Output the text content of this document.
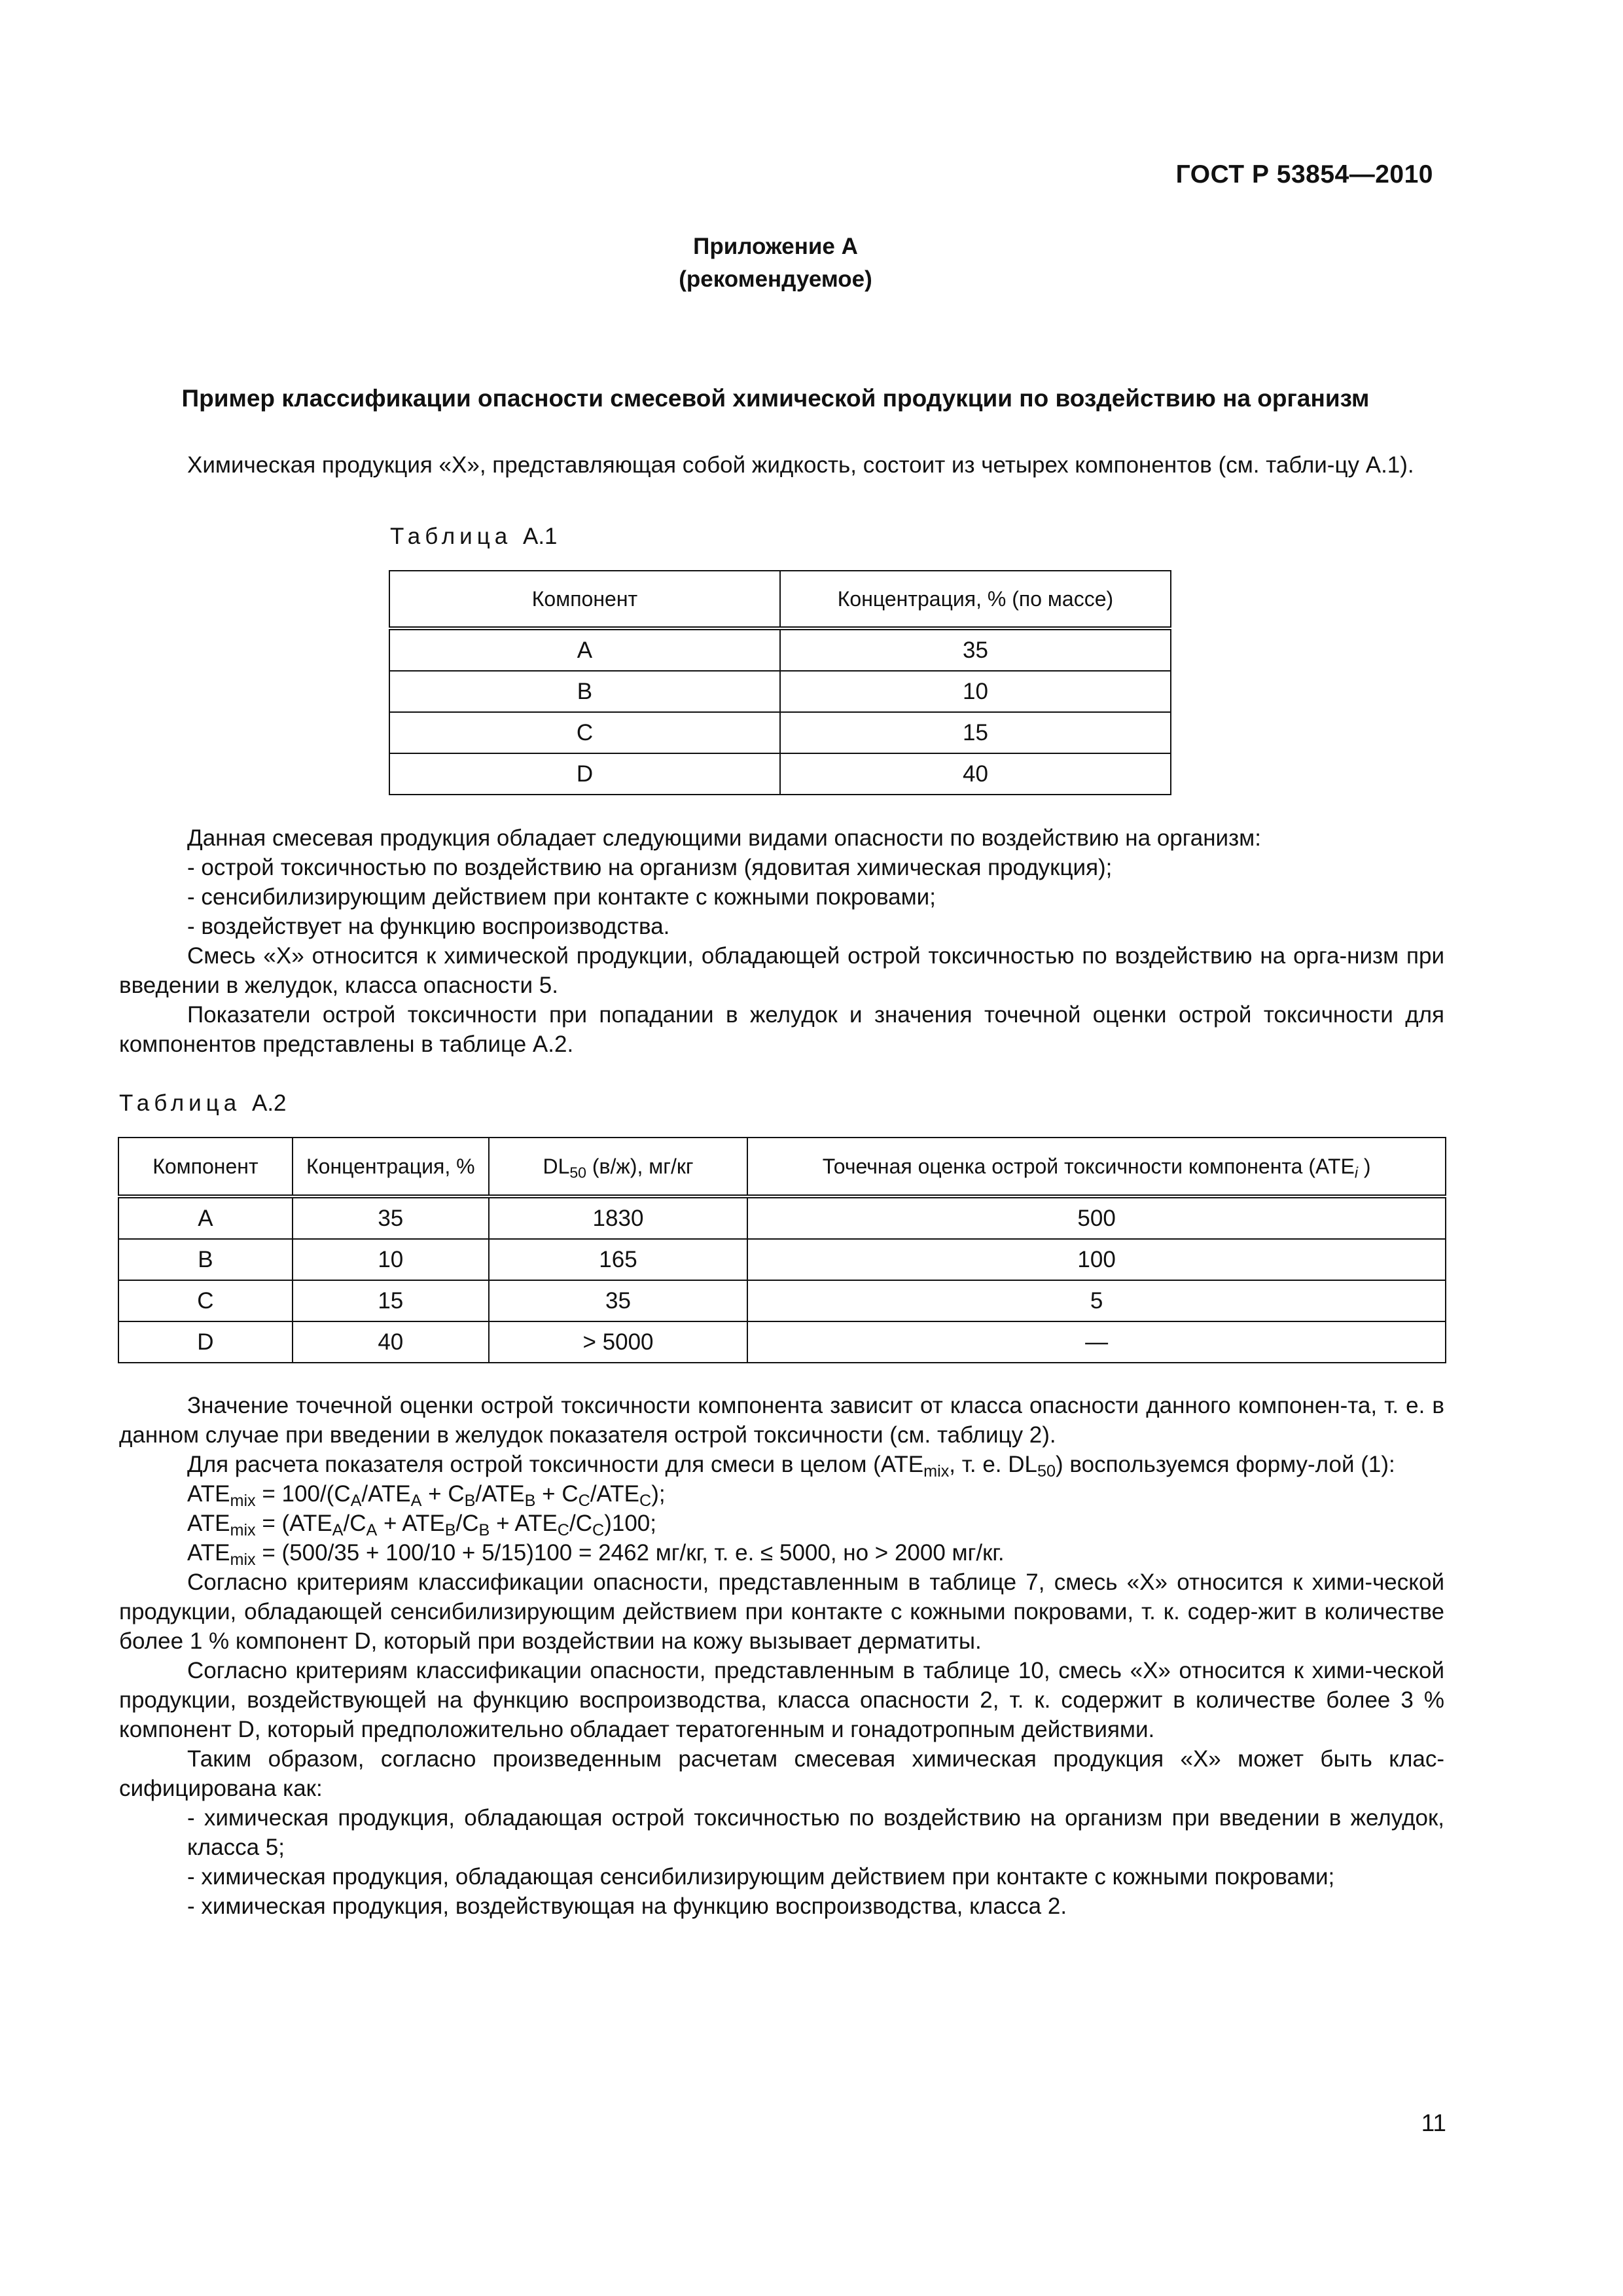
ГОСТ Р 53854—2010
Приложение А
(рекомендуемое)
Пример классификации опасности смесевой химической продукции по воздействию на организм

Химическая продукция «Х», представляющая собой жидкость, состоит из четырех компонентов (см. табли-цу А.1).

Таблица А.1
Компонент	Концентрация, % (по массе)
A	35
B	10
C	15
D	40

Данная смесевая продукция обладает следующими видами опасности по воздействию на организм:

- острой токсичностью по воздействию на организм (ядовитая химическая продукция);

- сенсибилизирующим действием при контакте с кожными покровами;

- воздействует на функцию воспроизводства.

Смесь «Х» относится к химической продукции, обладающей острой токсичностью по воздействию на орга-низм при введении в желудок, класса опасности 5.

Показатели острой токсичности при попадании в желудок и значения точечной оценки острой токсичности для компонентов представлены в таблице А.2.

Таблица А.2
Компонент	Концентрация, %	$DL_{50}$ (в/ж), мг/кг	Точечная оценка острой токсичности компонента ($ATE_i$ )
A	35	1830	500
B	10	165	100
C	15	35	5
D	40	> 5000	—

Значение точечной оценки острой токсичности компонента зависит от класса опасности данного компонен-та, т. е. в данном случае при введении в желудок показателя острой токсичности (см. таблицу 2).

Для расчета показателя острой токсичности для смеси в целом ($АТЕ_{mix}$, т. е. $DL_{50}$) воспользуемся форму-лой (1):

$ATE_{mix} = 100/(C_A/ATE_A + C_B/ATE_B + C_C/ATE_C)$;

$ATE_{mix} = (ATE_A/C_A + ATE_B/C_B + ATE_C/C_C)100$;

$ATE_{mix} = (500/35 + 100/10 + 5/15)100 = 2462$ мг/кг, т. е. ≤ 5000, но > 2000 мг/кг.

Согласно критериям классификации опасности, представленным в таблице 7, смесь «Х» относится к хими-ческой продукции, обладающей сенсибилизирующим действием при контакте с кожными покровами, т. к. содер-жит в количестве более 1 % компонент D, который при воздействии на кожу вызывает дерматиты.

Согласно критериям классификации опасности, представленным в таблице 10, смесь «Х» относится к хими-ческой продукции, воздействующей на функцию воспроизводства, класса опасности 2, т. к. содержит в количестве более 3 % компонент D, который предположительно обладает тератогенным и гонадотропным действиями.

Таким образом, согласно произведенным расчетам смесевая химическая продукция «Х» может быть клас-сифицирована как:

- химическая продукция, обладающая острой токсичностью по воздействию на организм при введении в желудок, класса 5;

- химическая продукция, обладающая сенсибилизирующим действием при контакте с кожными покровами;

- химическая продукция, воздействующая на функцию воспроизводства, класса 2.

11
